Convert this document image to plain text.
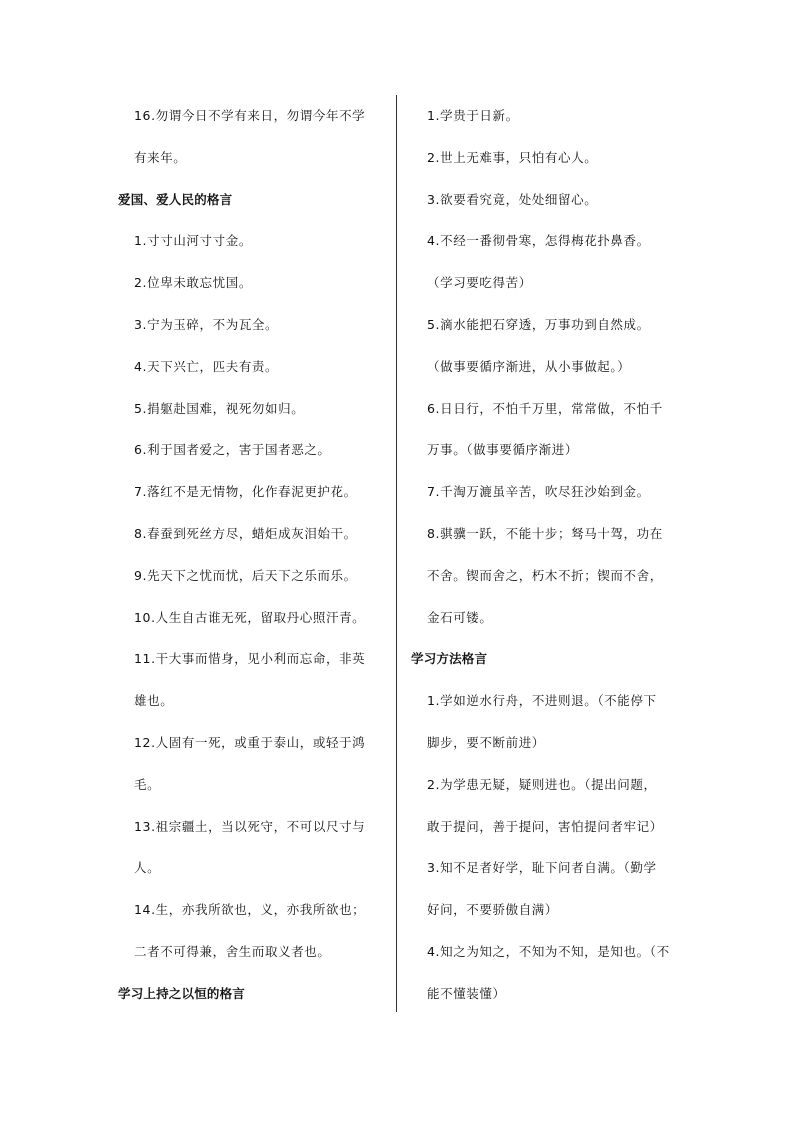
16.勿谓今日不学有来日，勿谓今年不学
有来年。
爱国、爱人民的格言
1.寸寸山河寸寸金。
2.位卑未敢忘忧国。
3.宁为玉碎，不为瓦全。
4.天下兴亡，匹夫有责。
5.捐躯赴国难，视死勿如归。
6.利于国者爱之，害于国者恶之。
7.落红不是无情物，化作春泥更护花。
8.春蚕到死丝方尽，蜡炬成灰泪始干。
9.先天下之忧而忧，后天下之乐而乐。
10.人生自古谁无死，留取丹心照汗青。
11.干大事而惜身，见小利而忘命，非英
雄也。
12.人固有一死，或重于泰山，或轻于鸿
毛。
13.祖宗疆土，当以死守，不可以尺寸与
人。
14.生，亦我所欲也，义，亦我所欲也；
二者不可得兼，舍生而取义者也。
学习上持之以恒的格言
1.学贵于日新。
2.世上无难事，只怕有心人。
3.欲要看究竟，处处细留心。
4.不经一番彻骨寒，怎得梅花扑鼻香。
（学习要吃得苦）
5.滴水能把石穿透，万事功到自然成。
（做事要循序渐进，从小事做起。）
6.日日行，不怕千万里，常常做，不怕千
万事。（做事要循序渐进）
7.千淘万漉虽辛苦，吹尽狂沙始到金。
8.骐骥一跃，不能十步；驽马十驾，功在
不舍。锲而舍之，朽木不折；锲而不舍，
金石可镂。
学习方法格言
1.学如逆水行舟，不进则退。（不能停下
脚步，要不断前进）
2.为学患无疑，疑则进也。（提出问题，
敢于提问，善于提问，害怕提问者牢记）
3.知不足者好学，耻下问者自满。（勤学
好问，不要骄傲自满）
4.知之为知之，不知为不知，是知也。（不
能不懂装懂）
